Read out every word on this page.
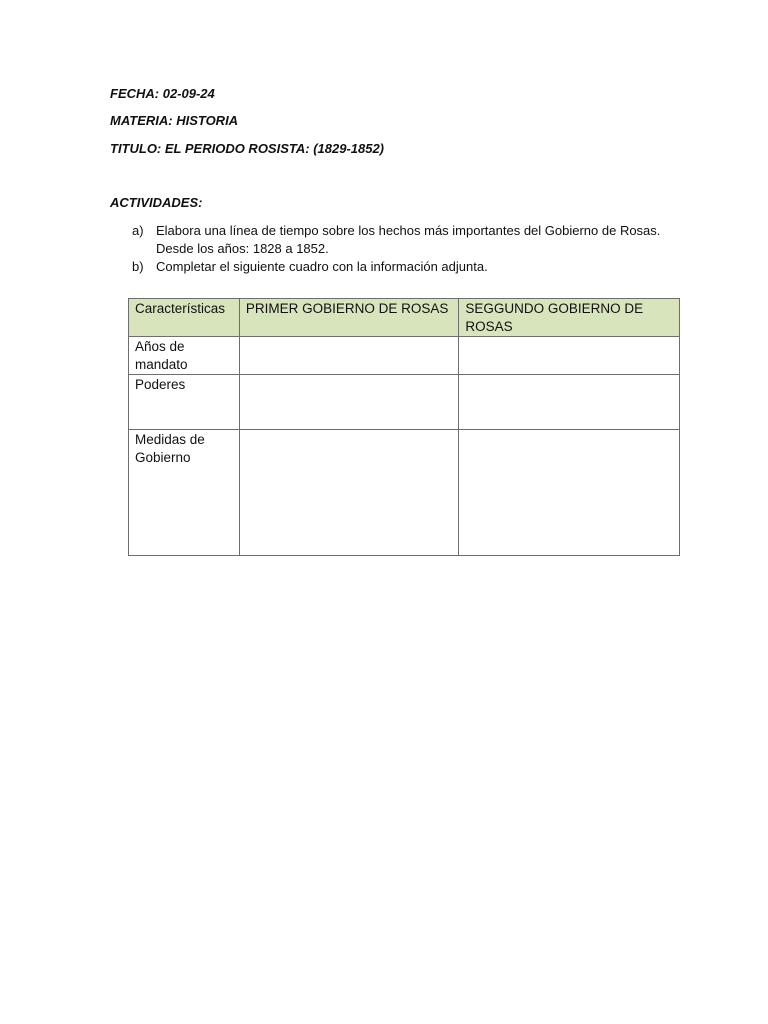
FECHA: 02-09-24
MATERIA: HISTORIA
TITULO: EL PERIODO ROSISTA: (1829-1852)
ACTIVIDADES:
a) Elabora una línea de tiempo sobre los hechos más importantes del Gobierno de Rosas.
Desde los años: 1828 a 1852.
b) Completar el siguiente cuadro con la información adjunta.
Características	PRIMER GOBIERNO DE ROSAS	SEGGUNDO GOBIERNO DE ROSAS
Años de mandato		
Poderes		
Medidas de Gobierno		
